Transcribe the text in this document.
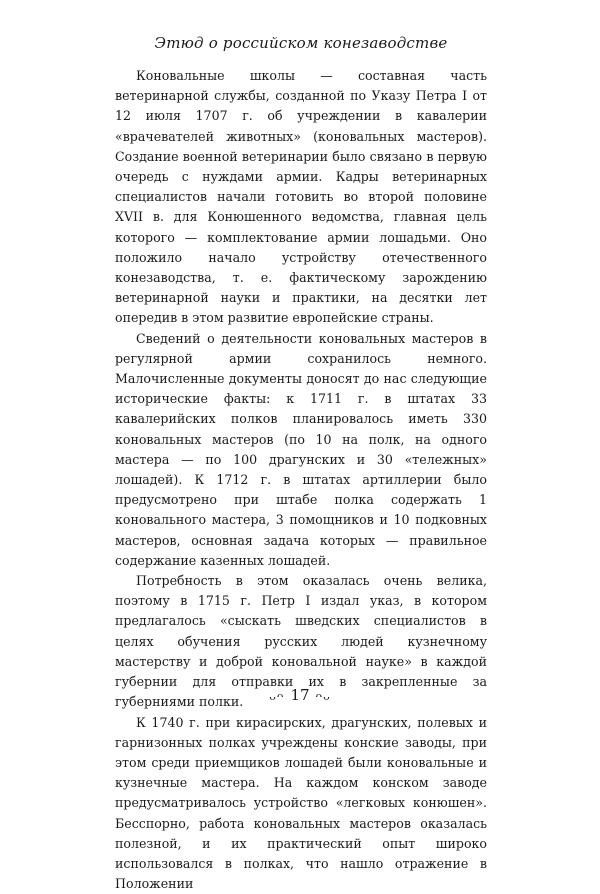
Этюд о российском конезаводстве

Коновальные школы — составная часть ветеринарной службы, созданной по Указу Петра I от 12 июля 1707 г. об учреждении в кавалерии «врачевателей животных» (коновальных мастеров). Создание военной ветеринарии было связано в первую очередь с нуждами армии. Кадры ветеринарных специалистов начали готовить во второй половине XVII в. для Конюшенного ведомства, главная цель которого — комплектование армии лошадьми. Оно положило начало устройству отечественного конезаводства, т. е. фактическому зарождению ветеринарной науки и практики, на десятки лет опередив в этом развитие европейские страны.

Сведений о деятельности коновальных мастеров в регулярной армии сохранилось немного. Малочисленные документы доносят до нас следующие исторические факты: к 1711 г. в штатах 33 кавалерийских полков планировалось иметь 330 коновальных мастеров (по 10 на полк, на одного мастера — по 100 драгунских и 30 «тележных» лошадей). К 1712 г. в штатах артиллерии было предусмотрено при штабе полка содержать 1 коновального мастера, 3 помощников и 10 подковных мастеров, основная задача которых — правильное содержание казенных лошадей.

Потребность в этом оказалась очень велика, поэтому в 1715 г. Петр I издал указ, в котором предлагалось «сыскать шведских специалистов в целях обучения русских людей кузнечному мастерству и доброй коновальной науке» в каждой губернии для отправки их в закрепленные за губерниями полки.

К 1740 г. при кирасирских, драгунских, полевых и гарнизонных полках учреждены конские заводы, при этом среди приемщиков лошадей были коновальные и кузнечные мастера. На каждом конском заводе предусматривалось устройство «легковых конюшен». Бесспорно, работа коновальных мастеров оказалась полезной, и их практический опыт широко использовался в полках, что нашло отражение в Положении

ᴗᴖ 17 ᴖᴗ
